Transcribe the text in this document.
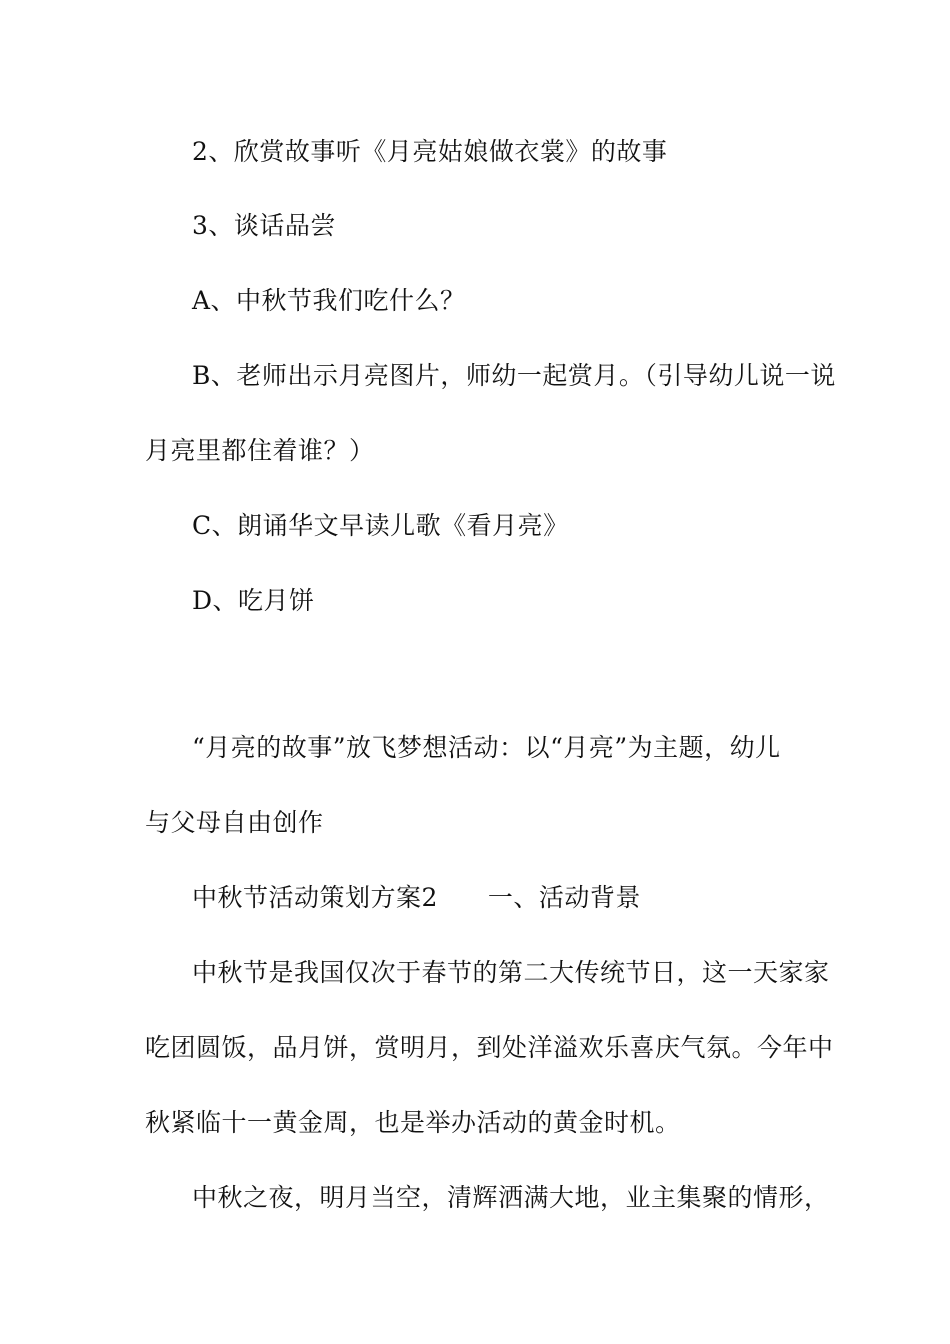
2、欣赏故事听《月亮姑娘做衣裳》的故事
3、谈话品尝
A、中秋节我们吃什么？
B、老师出示月亮图片，师幼一起赏月。（引导幼儿说一说
月亮里都住着谁？）
C、朗诵华文早读儿歌《看月亮》
D、吃月饼
“月亮的故事”放飞梦想活动：以“月亮”为主题，幼儿
与父母自由创作
中秋节活动策划方案2 一、活动背景
中秋节是我国仅次于春节的第二大传统节日，这一天家家
吃团圆饭，品月饼，赏明月，到处洋溢欢乐喜庆气氛。今年中
秋紧临十一黄金周，也是举办活动的黄金时机。
中秋之夜，明月当空，清辉洒满大地，业主集聚的情形，
